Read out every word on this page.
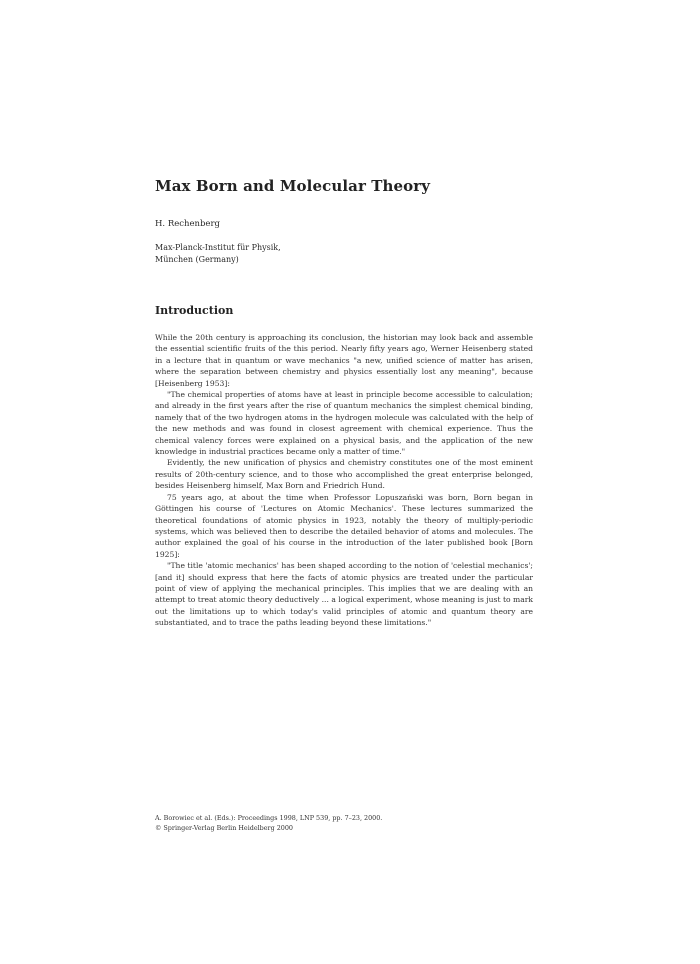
Max Born and Molecular Theory
H. Rechenberg
Max-Planck-Institut für Physik,
München (Germany)
Introduction

While the 20th century is approaching its conclusion, the historian may look back and assemble the essential scientific fruits of the this period. Nearly fifty years ago, Werner Heisenberg stated in a lecture that in quantum or wave mechanics "a new, unified science of matter has arisen, where the separation between chemistry and physics essentially lost any meaning", because [Heisenberg 1953]:

"The chemical properties of atoms have at least in principle become accessible to calculation; and already in the first years after the rise of quantum mechanics the simplest chemical binding, namely that of the two hydrogen atoms in the hydrogen molecule was calculated with the help of the new methods and was found in closest agreement with chemical experience. Thus the chemical valency forces were explained on a physical basis, and the application of the new knowledge in industrial practices became only a matter of time."

Evidently, the new unification of physics and chemistry constitutes one of the most eminent results of 20th-century science, and to those who accomplished the great enterprise belonged, besides Heisenberg himself, Max Born and Friedrich Hund.

75 years ago, at about the time when Professor Lopuszański was born, Born began in Göttingen his course of 'Lectures on Atomic Mechanics'. These lectures summarized the theoretical foundations of atomic physics in 1923, notably the theory of multiply-periodic systems, which was believed then to describe the detailed behavior of atoms and molecules. The author explained the goal of his course in the introduction of the later published book [Born 1925]:

"The title 'atomic mechanics' has been shaped according to the notion of 'celestial mechanics'; [and it] should express that here the facts of atomic physics are treated under the particular point of view of applying the mechanical principles. This implies that we are dealing with an attempt to treat atomic theory deductively ... a logical experiment, whose meaning is just to mark out the limitations up to which today's valid principles of atomic and quantum theory are substantiated, and to trace the paths leading beyond these limitations."

A. Borowiec et al. (Eds.): Proceedings 1998, LNP 539, pp. 7–23, 2000.
© Springer-Verlag Berlin Heidelberg 2000
